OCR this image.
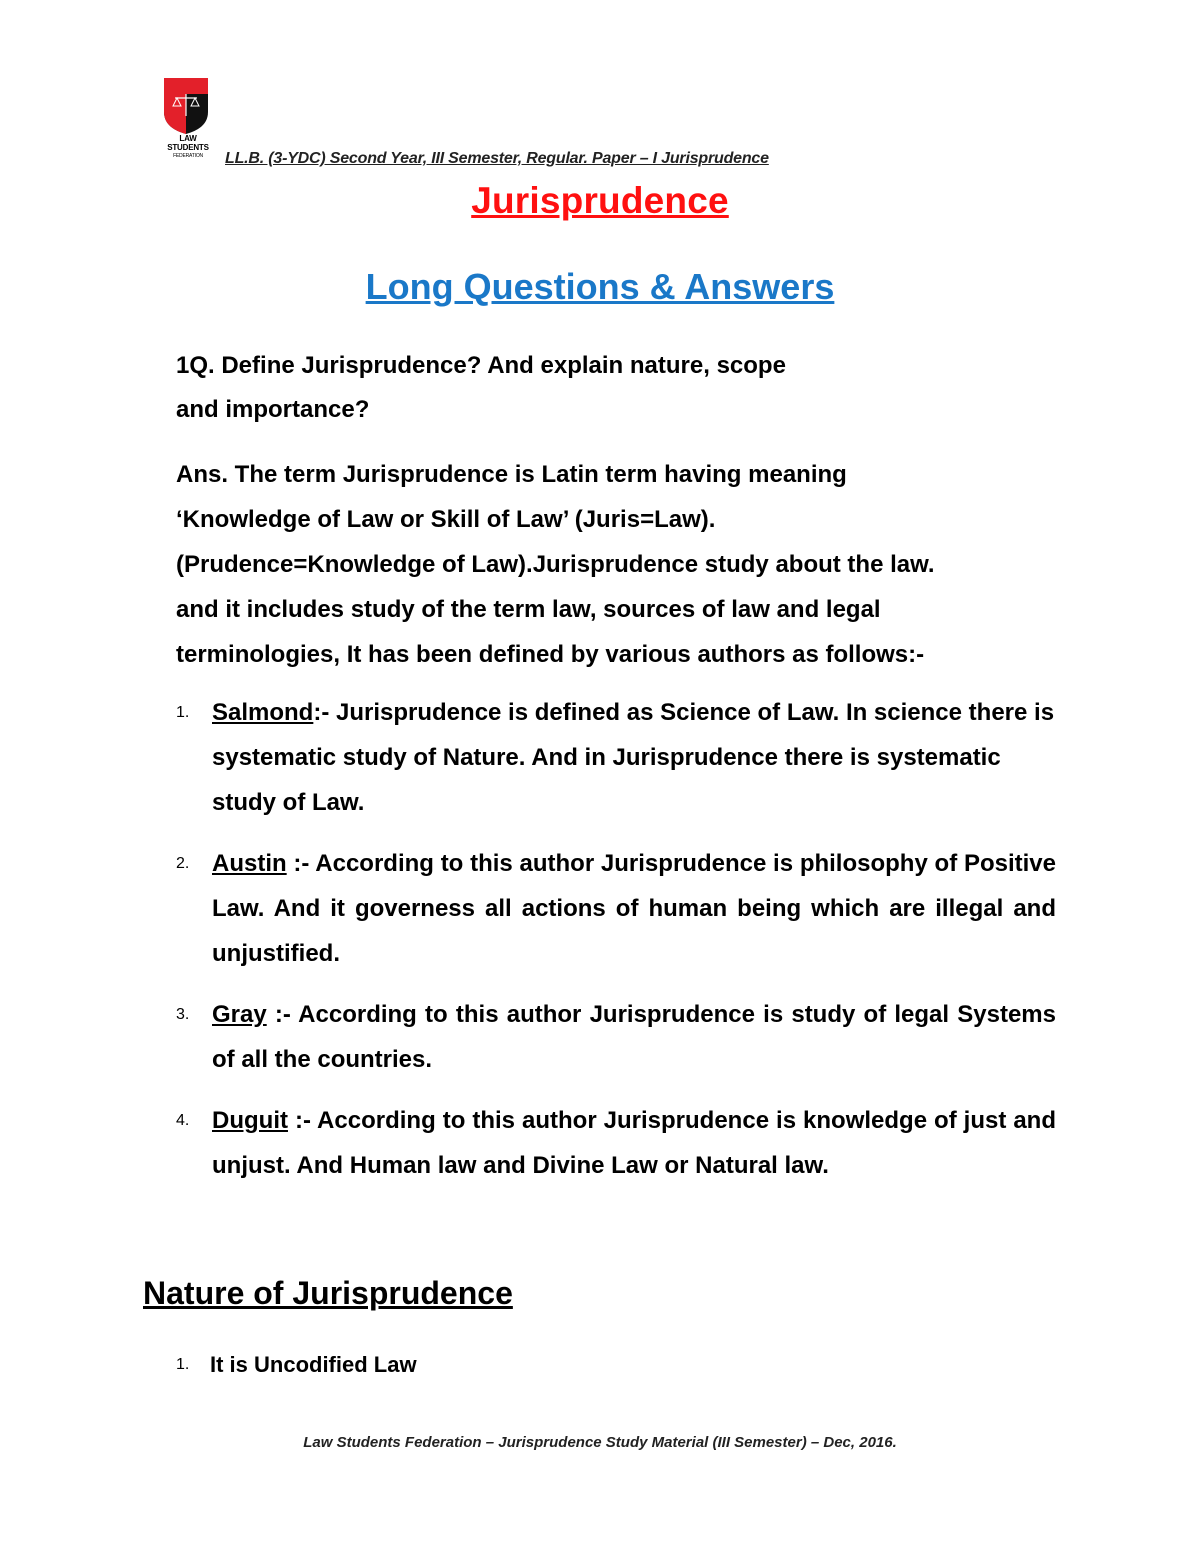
LAW STUDENTS
FEDERATION	LL.B. (3-YDC) Second Year, III Semester, Regular. Paper – I Jurisprudence
Jurisprudence
Long Questions & Answers
1Q. Define Jurisprudence? And explain nature, scope
and importance?
Ans. The term Jurisprudence is Latin term having meaning
‘Knowledge of Law or Skill of Law’ (Juris=Law).
(Prudence=Knowledge of Law).Jurisprudence study about the law.
and it includes study of the term law, sources of law and legal
terminologies, It has been defined by various authors as follows:-
1. Salmond:- Jurisprudence is defined as Science of Law. In science there is systematic study of Nature. And in Jurisprudence there is systematic study of Law.
2. Austin :- According to this author Jurisprudence is philosophy of Positive Law. And it governess all actions of human being which are illegal and unjustified.
3. Gray :- According to this author Jurisprudence is study of legal Systems of all the countries.
4. Duguit :- According to this author Jurisprudence is knowledge of just and unjust. And Human law and Divine Law or Natural law.
Nature of Jurisprudence
1. It is Uncodified Law
Law Students Federation – Jurisprudence Study Material (III Semester) – Dec, 2016.
